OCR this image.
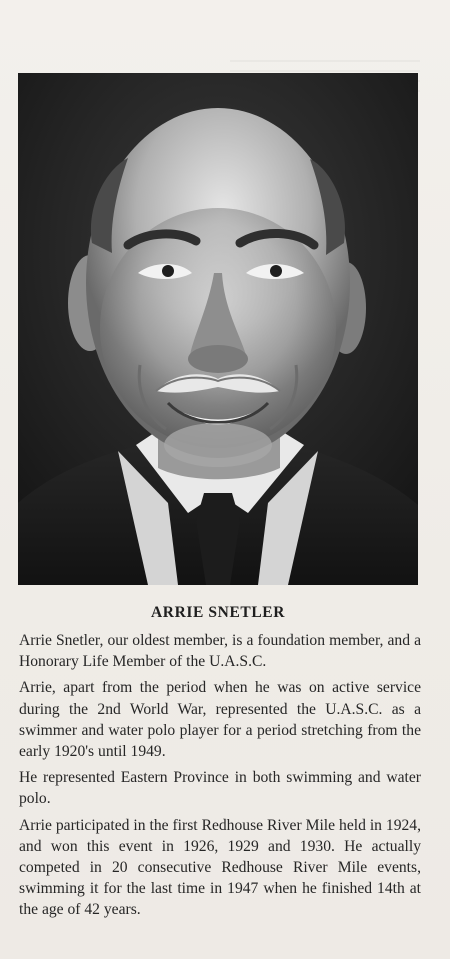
ARRIE SNETLER

Arrie Snetler, our oldest member, is a foundation member, and a Honorary Life Member of the U.A.S.C.

Arrie, apart from the period when he was on active service during the 2nd World War, represented the U.A.S.C. as a swimmer and water polo player for a period stretching from the early 1920's until 1949.

He represented Eastern Province in both swimming and water polo.

Arrie participated in the first Redhouse River Mile held in 1924, and won this event in 1926, 1929 and 1930. He actually competed in 20 consecutive Redhouse River Mile events, swimming it for the last time in 1947 when he finished 14th at the age of 42 years.
